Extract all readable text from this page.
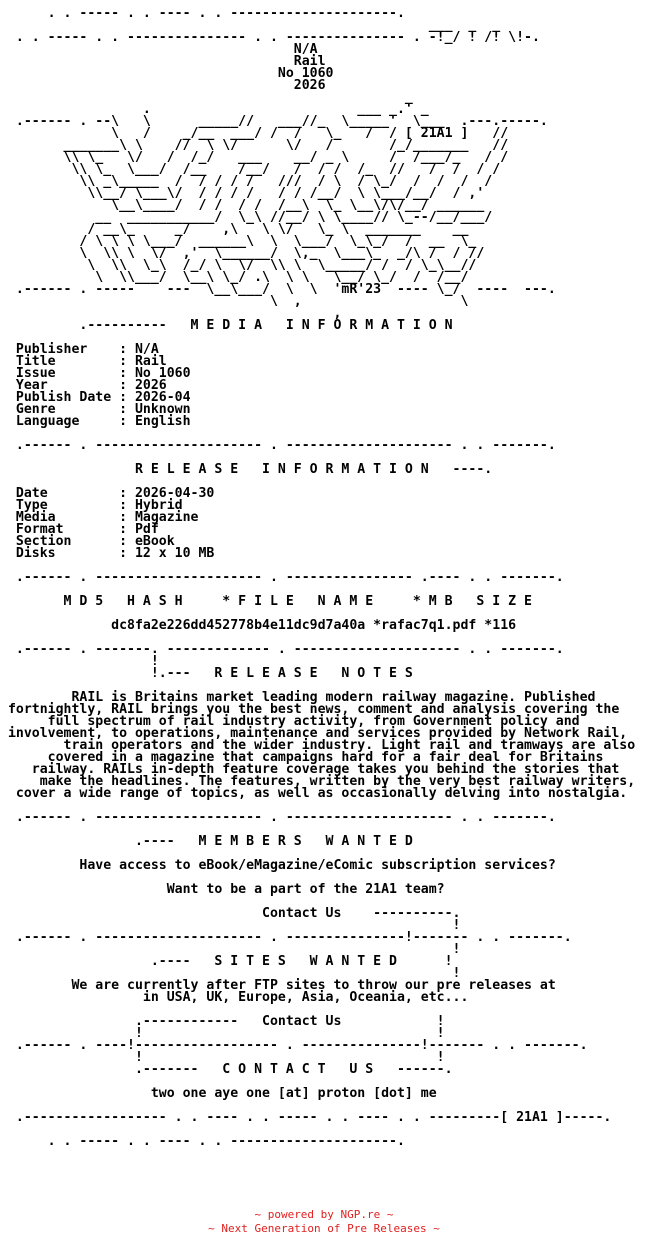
. . ----- . . ---- . . ---------------------.
___  _  _
. . ----- . . --------------- . . --------------- . -!_/ ! /! \!-.
N/A
Rail
No 1060
2026
_
.                          ___ _.' _
.------ . --\   \      _____//   ___//_  \_____'  \___  .---.-----.
\   /    _/__  ___/ /  /   \_   /  / [ 21A1 ]   //
_______\ \    //  \ \/      \/   /       /_/_______   //
\\ \_   \/   /  /_/   ___    __/ _ \     /  /___/_   / /
\\ \_  \___/  /__    /__/   /  / /  /_  //   /  /  / /
\\ _\_____  /  / / / /   ///  / \  / \_/  /  /  /  /
\\__/ \___\/  / / / /   / / /__/  \ \___/__/  / ,'
\__\____/  / /  / /  /__\  \_ \__\/\/__/ ______
__  ___________/  \_\ //__/ \ \____// \_--/__/___/
/ __\_     _/    ,\   \ \/   \_ \  _______    __
/ \ \ \ \___/  ______\  \  \___/  \_\_/  /  __  \_
\  \\ \  \/  ,'  \______/  \,_  \___\_  _/\ /  / //
\  \\  \_\  /_/ \  \/  \\ \  \_____/ /  / \_\__//
\  \\___/  \__\ \_/ .\  \ \   \__/ \_/  /  /__/
.------ . -----    ---  \__\___/  \  \  'mR'23  ---- \_/  ----  ---.
\  ,                    \
,
.----------   M E D I A   I N F O R M A T I O N
Publisher    : N/A
Title        : Rail
Issue        : No 1060
Year         : 2026
Publish Date : 2026-04
Genre        : Unknown
Language     : English
.------ . --------------------- . --------------------- . . -------.
R E L E A S E   I N F O R M A T I O N   ----.
Date         : 2026-04-30
Type         : Hybrid
Media        : Magazine
Format       : Pdf
Section      : eBook
Disks        : 12 x 10 MB
.------ . --------------------- . ---------------- .---- . . -------.
M D 5   H A S H     * F I L E   N A M E     * M B   S I Z E
dc8fa2e226dd452778b4e11dc9d7a40a *rafac7q1.pdf *116
.------ . -------. ------------- . --------------------- . . -------.
!
!.---   R E L E A S E   N O T E S
RAIL is Britains market leading modern railway magazine. Published
fortnightly, RAIL brings you the best news, comment and analysis covering the
full spectrum of rail industry activity, from Government policy and
involvement, to operations, maintenance and services provided by Network Rail,
train operators and the wider industry. Light rail and tramways are also
covered in a magazine that campaigns hard for a fair deal for Britains
railway. RAILs in-depth feature coverage takes you behind the stories that
make the headlines. The features, written by the very best railway writers,
cover a wide range of topics, as well as occasionally delving into nostalgia.
.------ . --------------------- . --------------------- . . -------.
.----   M E M B E R S   W A N T E D
Have access to eBook/eMagazine/eComic subscription services?
Want to be a part of the 21A1 team?
Contact Us    ----------.
!
.------ . --------------------- . ---------------!------- . . -------.
!
.----   S I T E S   W A N T E D      !
!
We are currently after FTP sites to throw our pre releases at
in USA, UK, Europe, Asia, Oceania, etc...
.------------   Contact Us            !
!                                     !
.------ . ----!------------------ . ---------------!------- . . -------.
!                                     !
.-------   C O N T A C T   U S   ------.
two one aye one [at] proton [dot] me
.------------------ . . ---- . . ----- . . ---- . . ---------[ 21A1 ]-----.
. . ----- . . ---- . . ---------------------.
~ powered by NGP.re ~
~ Next Generation of Pre Releases ~
